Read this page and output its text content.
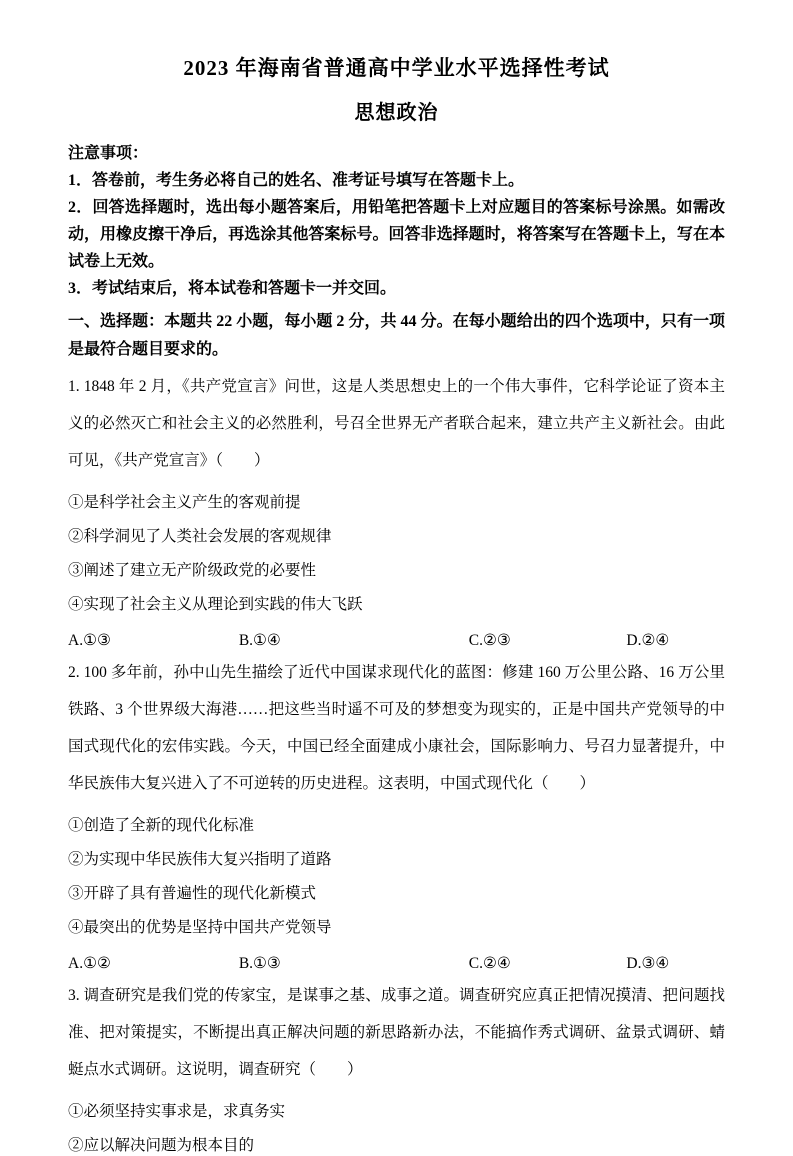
2023 年海南省普通高中学业水平选择性考试
思想政治

注意事项：

1．答卷前，考生务必将自己的姓名、准考证号填写在答题卡上。

2．回答选择题时，选出每小题答案后，用铅笔把答题卡上对应题目的答案标号涂黑。如需改动，用橡皮擦干净后，再选涂其他答案标号。回答非选择题时，将答案写在答题卡上，写在本试卷上无效。

3．考试结束后，将本试卷和答题卡一并交回。

一、选择题：本题共 22 小题，每小题 2 分，共 44 分。在每小题给出的四个选项中，只有一项是最符合题目要求的。

1. 1848 年 2 月，《共产党宣言》问世，这是人类思想史上的一个伟大事件，它科学论证了资本主义的必然灭亡和社会主义的必然胜利，号召全世界无产者联合起来，建立共产主义新社会。由此可见，《共产党宣言》（　　）

①是科学社会主义产生的客观前提

②科学洞见了人类社会发展的客观规律

③阐述了建立无产阶级政党的必要性

④实现了社会主义从理论到实践的伟大飞跃

A.①③	B.①④	C.②③	D.②④

2. 100 多年前，孙中山先生描绘了近代中国谋求现代化的蓝图：修建 160 万公里公路、16 万公里铁路、3 个世界级大海港……把这些当时遥不可及的梦想变为现实的，正是中国共产党领导的中国式现代化的宏伟实践。今天，中国已经全面建成小康社会，国际影响力、号召力显著提升，中华民族伟大复兴进入了不可逆转的历史进程。这表明，中国式现代化（　　）

①创造了全新的现代化标准

②为实现中华民族伟大复兴指明了道路

③开辟了具有普遍性的现代化新模式

④最突出的优势是坚持中国共产党领导

A.①②	B.①③	C.②④	D.③④

3. 调查研究是我们党的传家宝，是谋事之基、成事之道。调查研究应真正把情况摸清、把问题找准、把对策提实，不断提出真正解决问题的新思路新办法，不能搞作秀式调研、盆景式调研、蜻蜓点水式调研。这说明，调查研究（　　）

①必须坚持实事求是，求真务实

②应以解决问题为根本目的
